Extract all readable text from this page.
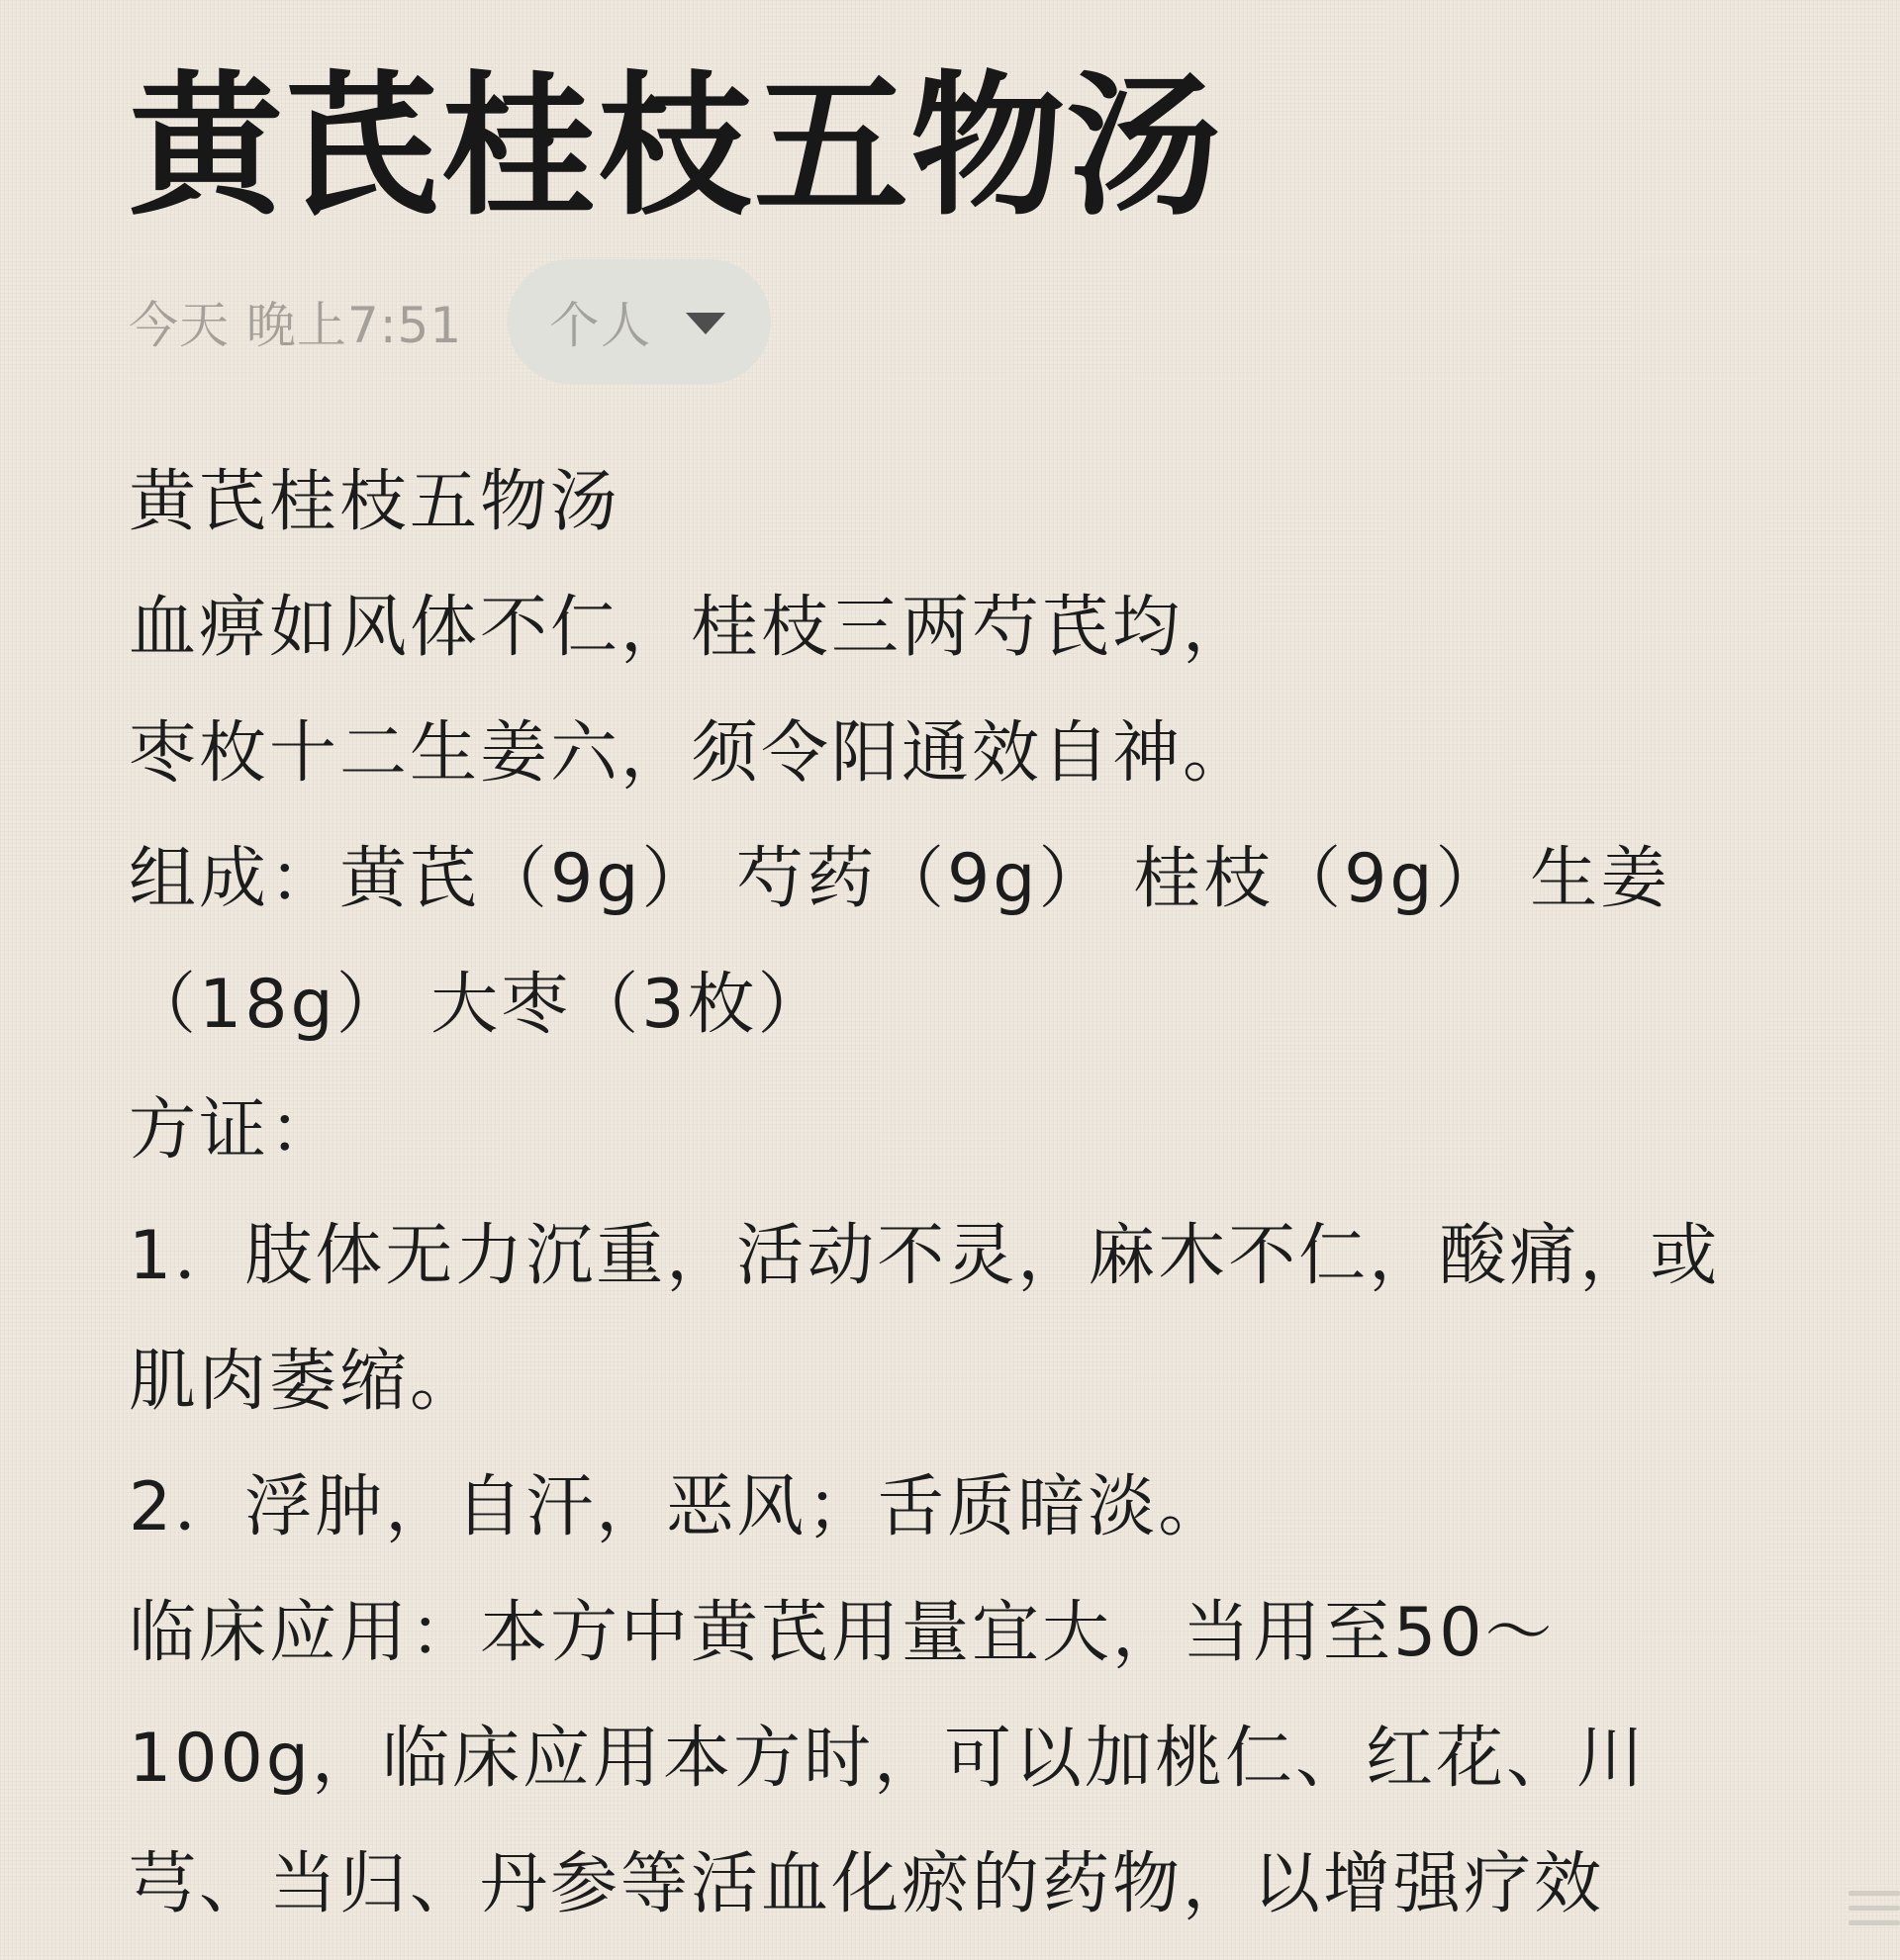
黄芪桂枝五物汤
今天 晚上7:51 个人
黄芪桂枝五物汤
血痹如风体不仁，桂枝三两芍芪均，
枣枚十二生姜六，须令阳通效自神。
组成：黄芪（9g） 芍药（9g） 桂枝（9g） 生姜
（18g） 大枣（3枚）
方证：
1．肢体无力沉重，活动不灵，麻木不仁，酸痛，或
肌肉萎缩。
2．浮肿，自汗，恶风；舌质暗淡。
临床应用：本方中黄芪用量宜大，当用至50～
100g，临床应用本方时，可以加桃仁、红花、川
芎、当归、丹参等活血化瘀的药物，以增强疗效
